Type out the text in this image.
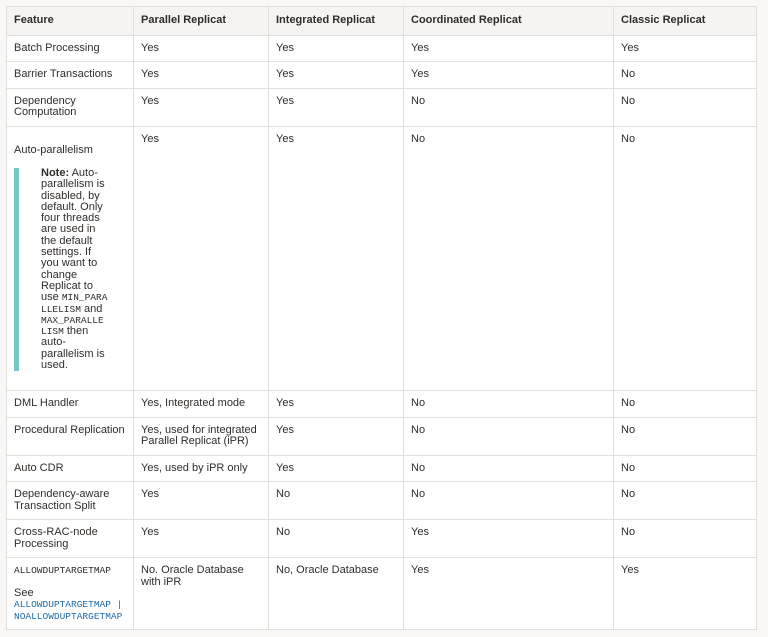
Feature	Parallel Replicat	Integrated Replicat	Coordinated Replicat	Classic Replicat
Batch Processing	Yes	Yes	Yes	Yes
Barrier Transactions	Yes	Yes	Yes	No
Dependency Computation	Yes	Yes	No	No

Auto-parallelism
Note: Auto-parallelism is disabled, by default. Only four threads are used in the default settings. If you want to change Replicat to use MIN_PARALLELISM and MAX_PARALLELISM then auto-parallelism is used.	Yes	Yes	No	No
DML Handler	Yes, Integrated mode	Yes	No	No
Procedural Replication	Yes, used for integrated Parallel Replicat (iPR)	Yes	No	No
Auto CDR	Yes, used by iPR only	Yes	No	No
Dependency-aware Transaction Split	Yes	No	No	No
Cross-RAC-node Processing	Yes	No	Yes	No
ALLOWDUPTARGETMAP
See
ALLOWDUPTARGETMAP | NOALLOWDUPTARGETMAP	No. Oracle Database with iPR	No, Oracle Database	Yes	Yes
